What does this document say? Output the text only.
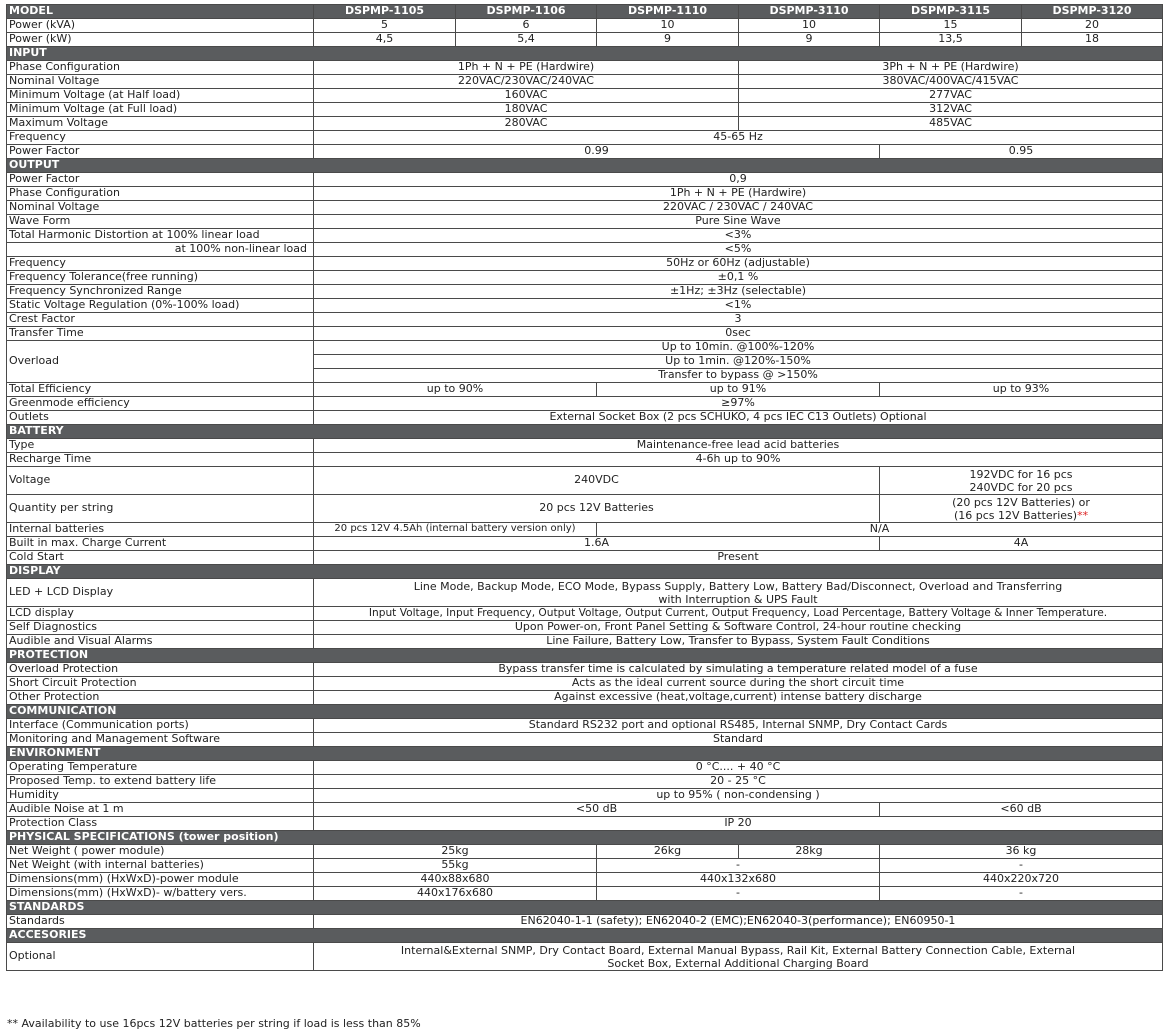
MODEL	DSPMP-1105	DSPMP-1106	DSPMP-1110	DSPMP-3110	DSPMP-3115	DSPMP-3120
Power (kVA)	5	6	10	10	15	20
Power (kW)	4,5	5,4	9	9	13,5	18
INPUT						
Phase Configuration	1Ph + N + PE (Hardwire)			3Ph + N + PE (Hardwire)		
Nominal Voltage	220VAC/230VAC/240VAC			380VAC/400VAC/415VAC		
Minimum Voltage (at Half load)	160VAC			277VAC		
Minimum Voltage (at Full load)	180VAC			312VAC		
Maximum Voltage	280VAC			485VAC		
Frequency	45-65 Hz					
Power Factor	0.99				0.95	
OUTPUT						
Power Factor	0,9					
Phase Configuration	1Ph + N + PE (Hardwire)					
Nominal Voltage	220VAC / 230VAC / 240VAC					
Wave Form	Pure Sine Wave					
Total Harmonic Distortion at 100% linear load	<3%					
at 100% non-linear load	<5%					
Frequency	50Hz or 60Hz (adjustable)					
Frequency Tolerance(free running)	±0,1 %					
Frequency Synchronized Range	±1Hz; ±3Hz (selectable)					
Static Voltage Regulation (0%-100% load)	<1%					
Crest Factor	3					
Transfer Time	0sec					
Overload	Up to 10min. @100%-120%					
	Up to 1min. @120%-150%					
	Transfer to bypass @ >150%					
Total Efficiency	up to 90%		up to 91%		up to 93%	
Greenmode efficiency	≥97%					
Outlets	External Socket Box (2 pcs SCHUKO, 4 pcs IEC C13 Outlets) Optional					
BATTERY						
Type	Maintenance-free lead acid batteries					
Recharge Time	4-6h up to 90%					
Voltage	240VDC				192VDC for 16 pcs
240VDC for 20 pcs	
Quantity per string	20 pcs 12V Batteries				(20 pcs 12V Batteries) or
(16 pcs 12V Batteries)**	
Internal batteries	20 pcs 12V 4.5Ah (internal battery version only)		N/A			
Built in max. Charge Current	1.6A				4A	
Cold Start	Present					
DISPLAY						
LED + LCD Display	Line Mode, Backup Mode, ECO Mode, Bypass Supply, Battery Low, Battery Bad/Disconnect, Overload and Transferring with Interruption & UPS Fault					
LCD display	Input Voltage, Input Frequency, Output Voltage, Output Current, Output Frequency, Load Percentage, Battery Voltage & Inner Temperature.					
Self Diagnostics	Upon Power-on, Front Panel Setting & Software Control, 24-hour routine checking					
Audible and Visual Alarms	Line Failure, Battery Low, Transfer to Bypass, System Fault Conditions					
PROTECTION						
Overload Protection	Bypass transfer time is calculated by simulating a temperature related model of a fuse					
Short Circuit Protection	Acts as the ideal current source during the short circuit time					
Other Protection	Against excessive (heat,voltage,current) intense battery discharge					
COMMUNICATION						
Interface (Communication ports)	Standard RS232 port and optional RS485, Internal SNMP, Dry Contact Cards					
Monitoring and Management Software	Standard					
ENVIRONMENT						
Operating Temperature	0 °C.... + 40 °C					
Proposed Temp. to extend battery life	20 - 25 °C					
Humidity	up to 95% ( non-condensing )					
Audible Noise at 1 m	<50 dB				<60 dB	
Protection Class	IP 20					
PHYSICAL SPECIFICATIONS (tower position)						
Net Weight ( power module)	25kg		26kg	28kg	36 kg	
Net Weight (with internal batteries)	55kg		-		-	
Dimensions(mm) (HxWxD)-power module	440x88x680		440x132x680		440x220x720	
Dimensions(mm) (HxWxD)- w/battery vers.	440x176x680		-		-	
STANDARDS						
Standards	EN62040-1-1 (safety); EN62040-2 (EMC);EN62040-3(performance); EN60950-1					
ACCESORIES						
Optional	Internal&External SNMP, Dry Contact Board, External Manual Bypass, Rail Kit, External Battery Connection Cable, External Socket Box, External Additional Charging Board					
** Availability to use 16pcs 12V batteries per string if load is less than 85%
